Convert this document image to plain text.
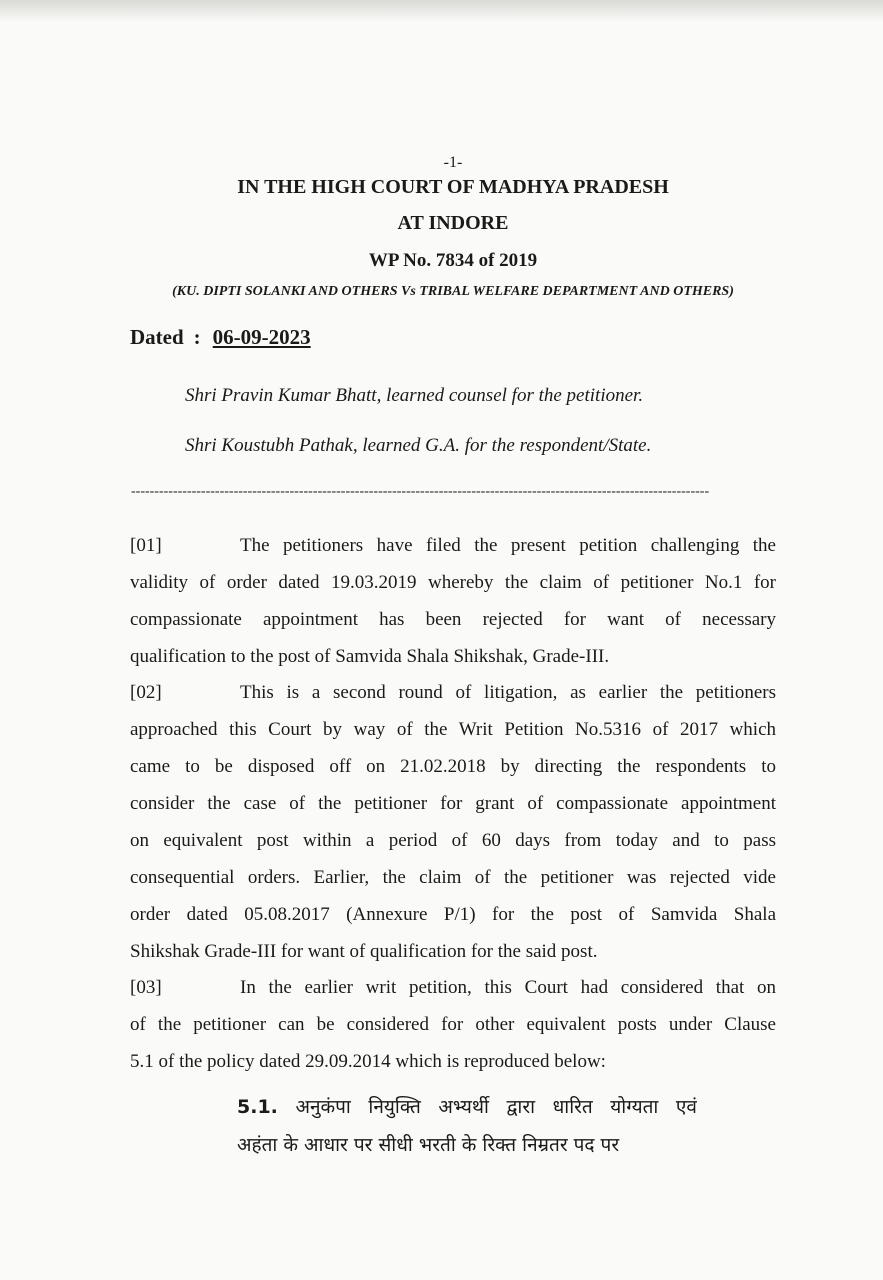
-1-
IN THE HIGH COURT OF MADHYA PRADESH
AT INDORE
WP No. 7834 of 2019
(KU. DIPTI SOLANKI AND OTHERS Vs TRIBAL WELFARE DEPARTMENT AND OTHERS)
Dated : 06-09-2023
Shri Pravin Kumar Bhatt, learned counsel for the petitioner.
Shri Koustubh Pathak, learned G.A. for the respondent/State.
----------------------------------------------------------------------------------------------------------------------------
[01]	The petitioners have filed the present petition challenging the
validity of order dated 19.03.2019 whereby the claim of petitioner No.1 for
compassionate appointment has been rejected for want of necessary
qualification to the post of Samvida Shala Shikshak, Grade-III.
[02]	This is a second round of litigation, as earlier the petitioners
approached this Court by way of the Writ Petition No.5316 of 2017 which
came to be disposed off on 21.02.2018 by directing the respondents to
consider the case of the petitioner for grant of compassionate appointment
on equivalent post within a period of 60 days from today and to pass
consequential orders. Earlier, the claim of the petitioner was rejected vide
order dated 05.08.2017 (Annexure P/1) for the post of Samvida Shala
Shikshak Grade-III for want of qualification for the said post.
[03]	In the earlier writ petition, this Court had considered that on
of the petitioner can be considered for other equivalent posts under Clause
5.1 of the policy dated 29.09.2014 which is reproduced below:
5.1. अनुकंपा नियुक्ति अभ्यर्थी द्वारा धारित योग्यता एवं
अहंता के आधार पर सीधी भरती के रिक्त निम्रतर पद पर
